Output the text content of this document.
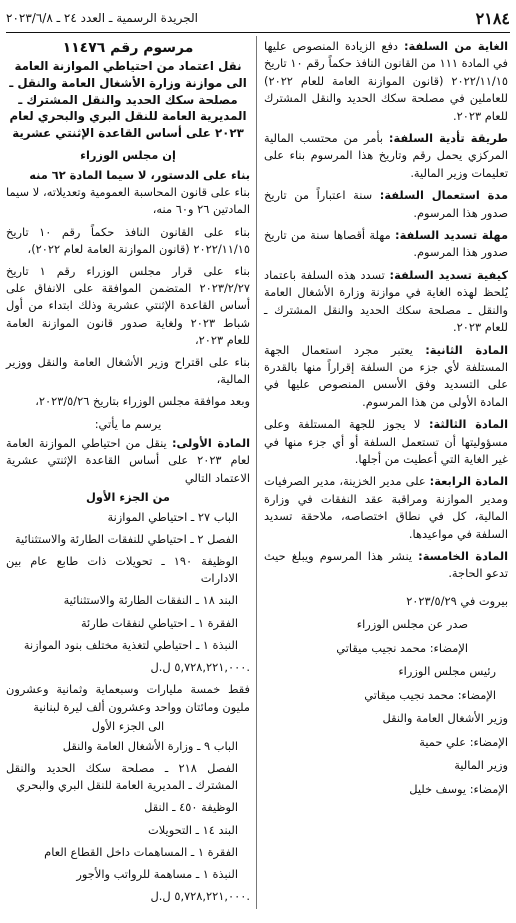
٢١٨٤
الجريدة الرسمية ـ العدد ٢٤ ـ ٢٠٢٣/٦/٨

الغاية من السلفة: دفع الزيادة المنصوص عليها في المادة ١١١ من القانون النافذ حكماً رقم ١٠ تاريخ ٢٠٢٢/١١/١٥ (قانون الموازنة العامة للعام ٢٠٢٢) للعاملين في مصلحة سكك الحديد والنقل المشترك للعام ٢٠٢٣.

طريقة تأدية السلفة: بأمر من محتسب المالية المركزي يحمل رقم وتاريخ هذا المرسوم بناء على تعليمات وزير المالية.

مدة استعمال السلفة: سنة اعتباراً من تاريخ صدور هذا المرسوم.

مهلة تسديد السلفة: مهلة أقصاها سنة من تاريخ صدور هذا المرسوم.

كيفية تسديد السلفة: تسدد هذه السلفة باعتماد يُلحظ لهذه الغاية في موازنة وزارة الأشغال العامة والنقل ـ مصلحة سكك الحديد والنقل المشترك ـ للعام ٢٠٢٣.

المادة الثانية: يعتبر مجرد استعمال الجهة المستلفة لأي جزء من السلفة إقراراً منها بالقدرة على التسديد وفق الأسس المنصوص عليها في المادة الأولى من هذا المرسوم.

المادة الثالثة: لا يجوز للجهة المستلفة وعلى مسؤوليتها أن تستعمل السلفة أو أي جزء منها في غير الغاية التي أعطيت من أجلها.

المادة الرابعة: على مدير الخزينة، مدير الصرفيات ومدير الموازنة ومراقبة عقد النفقات في وزارة المالية، كل في نطاق اختصاصه، ملاحقة تسديد السلفة في مواعيدها.

المادة الخامسة: ينشر هذا المرسوم ويبلغ حيث تدعو الحاجة.

بيروت في ٢٠٢٣/٥/٢٩

صدر عن مجلس الوزراء

الإمضاء: محمد نجيب ميقاتي

رئيس مجلس الوزراء

الإمضاء: محمد نجيب ميقاتي

وزير الأشغال العامة والنقل

الإمضاء: علي حمية

وزير المالية

الإمضاء: يوسف خليل

مرسوم رقم ١١٤٧٦
نقل اعتماد من احتياطي الموازنة العامة الى موازنة وزارة الأشغال العامة والنقل ـ مصلحة سكك الحديد والنقل المشترك ـ المديرية العامة للنقل البري والبحري لعام ٢٠٢٣ على أساس القاعدة الإثنتي عشرية
إن مجلس الوزراء

بناء على الدستور، لا سيما المادة ٦٢ منه

بناء على قانون المحاسبة العمومية وتعديلاته، لا سيما المادتين ٢٦ و٦٠ منه،

بناء على القانون النافذ حكماً رقم ١٠ تاريخ ٢٠٢٢/١١/١٥ (قانون الموازنة العامة لعام ٢٠٢٢)،

بناء على قرار مجلس الوزراء رقم ١ تاريخ ٢٠٢٣/٢/٢٧ المتضمن الموافقة على الانفاق على أساس القاعدة الإثنتي عشرية وذلك ابتداء من أول شباط ٢٠٢٣ ولغاية صدور قانون الموازنة العامة للعام ٢٠٢٣،

بناء على اقتراح وزير الأشغال العامة والنقل ووزير المالية،

وبعد موافقة مجلس الوزراء بتاريخ ٢٠٢٣/٥/٢٦،

يرسم ما يأتي:

المادة الأولى: ينقل من احتياطي الموازنة العامة لعام ٢٠٢٣ على أساس القاعدة الإثنتي عشرية الاعتماد التالي

من الجزء الأول

الباب ٢٧ ـ احتياطي الموازنة

الفصل ٢ ـ احتياطي للنفقات الطارئة والاستثنائية

الوظيفة ١٩٠ ـ تحويلات ذات طابع عام بين الادارات

البند ١٨ ـ النفقات الطارئة والاستثنائية

الفقرة ١ ـ احتياطي لنفقات طارئة

النبذة ١ ـ احتياطي لتغذية مختلف بنود الموازنة

٥,٧٢٨,٢٢١,٠٠٠ ل.ل.

فقط خمسة مليارات وسبعماية وثمانية وعشرون مليون ومائتان وواحد وعشرون ألف ليرة لبنانية

الى الجزء الأول

الباب ٩ ـ وزارة الأشغال العامة والنقل

الفصل ٢١٨ ـ مصلحة سكك الحديد والنقل المشترك ـ المديرية العامة للنقل البري والبحري

الوظيفة ٤٥٠ ـ النقل

البند ١٤ ـ التحويلات

الفقرة ١ ـ المساهمات داخل القطاع العام

النبذة ١ ـ مساهمة للرواتب والأجور

٥,٧٢٨,٢٢١,٠٠٠ ل.ل.
